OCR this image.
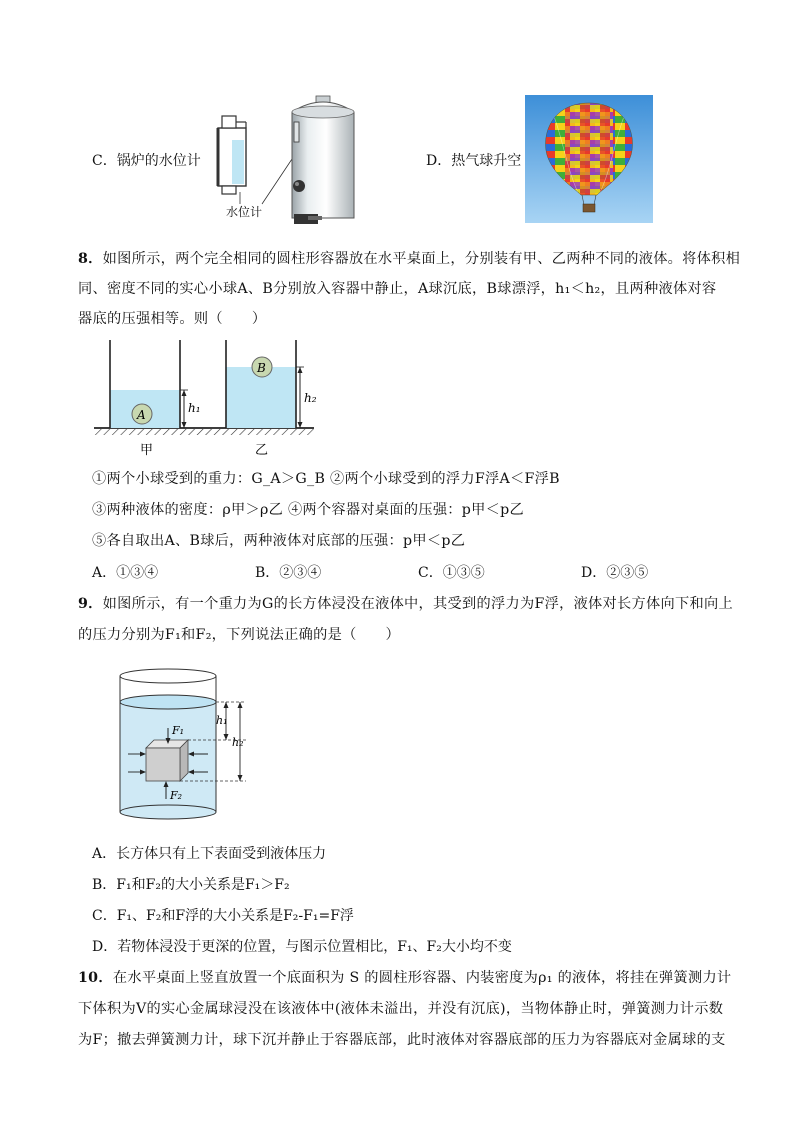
C．锅炉的水位计
水位计
D．热气球升空
8．如图所示，两个完全相同的圆柱形容器放在水平桌面上，分别装有甲、乙两种不同的液体。将体积相
同、密度不同的实心小球A、B分别放入容器中静止，A球沉底，B球漂浮，h₁＜h₂，且两种液体对容
器底的压强相等。则（　　）
A	h₁
B
h₂
甲	乙
①两个小球受到的重力：G_A＞G_B ②两个小球受到的浮力F浮A＜F浮B
③两种液体的密度：ρ甲＞ρ乙 ④两个容器对桌面的压强：p甲＜p乙
⑤各自取出A、B球后，两种液体对底部的压强：p甲＜p乙
A．①③④	B．②③④	C．①③⑤	D．②③⑤
9．如图所示，有一个重力为G的长方体浸没在液体中，其受到的浮力为F浮，液体对长方体向下和向上
的压力分别为F₁和F₂，下列说法正确的是（　　）
F₁
F₂
h₁
h₂
A．长方体只有上下表面受到液体压力
B．F₁和F₂的大小关系是F₁＞F₂
C．F₁、F₂和F浮的大小关系是F₂-F₁=F浮
D．若物体浸没于更深的位置，与图示位置相比，F₁、F₂大小均不变
10．在水平桌面上竖直放置一个底面积为 S 的圆柱形容器、内装密度为ρ₁ 的液体，将挂在弹簧测力计
下体积为V的实心金属球浸没在该液体中(液体未溢出，并没有沉底)，当物体静止时，弹簧测力计示数
为F；撤去弹簧测力计，球下沉并静止于容器底部，此时液体对容器底部的压力为容器底对金属球的支
